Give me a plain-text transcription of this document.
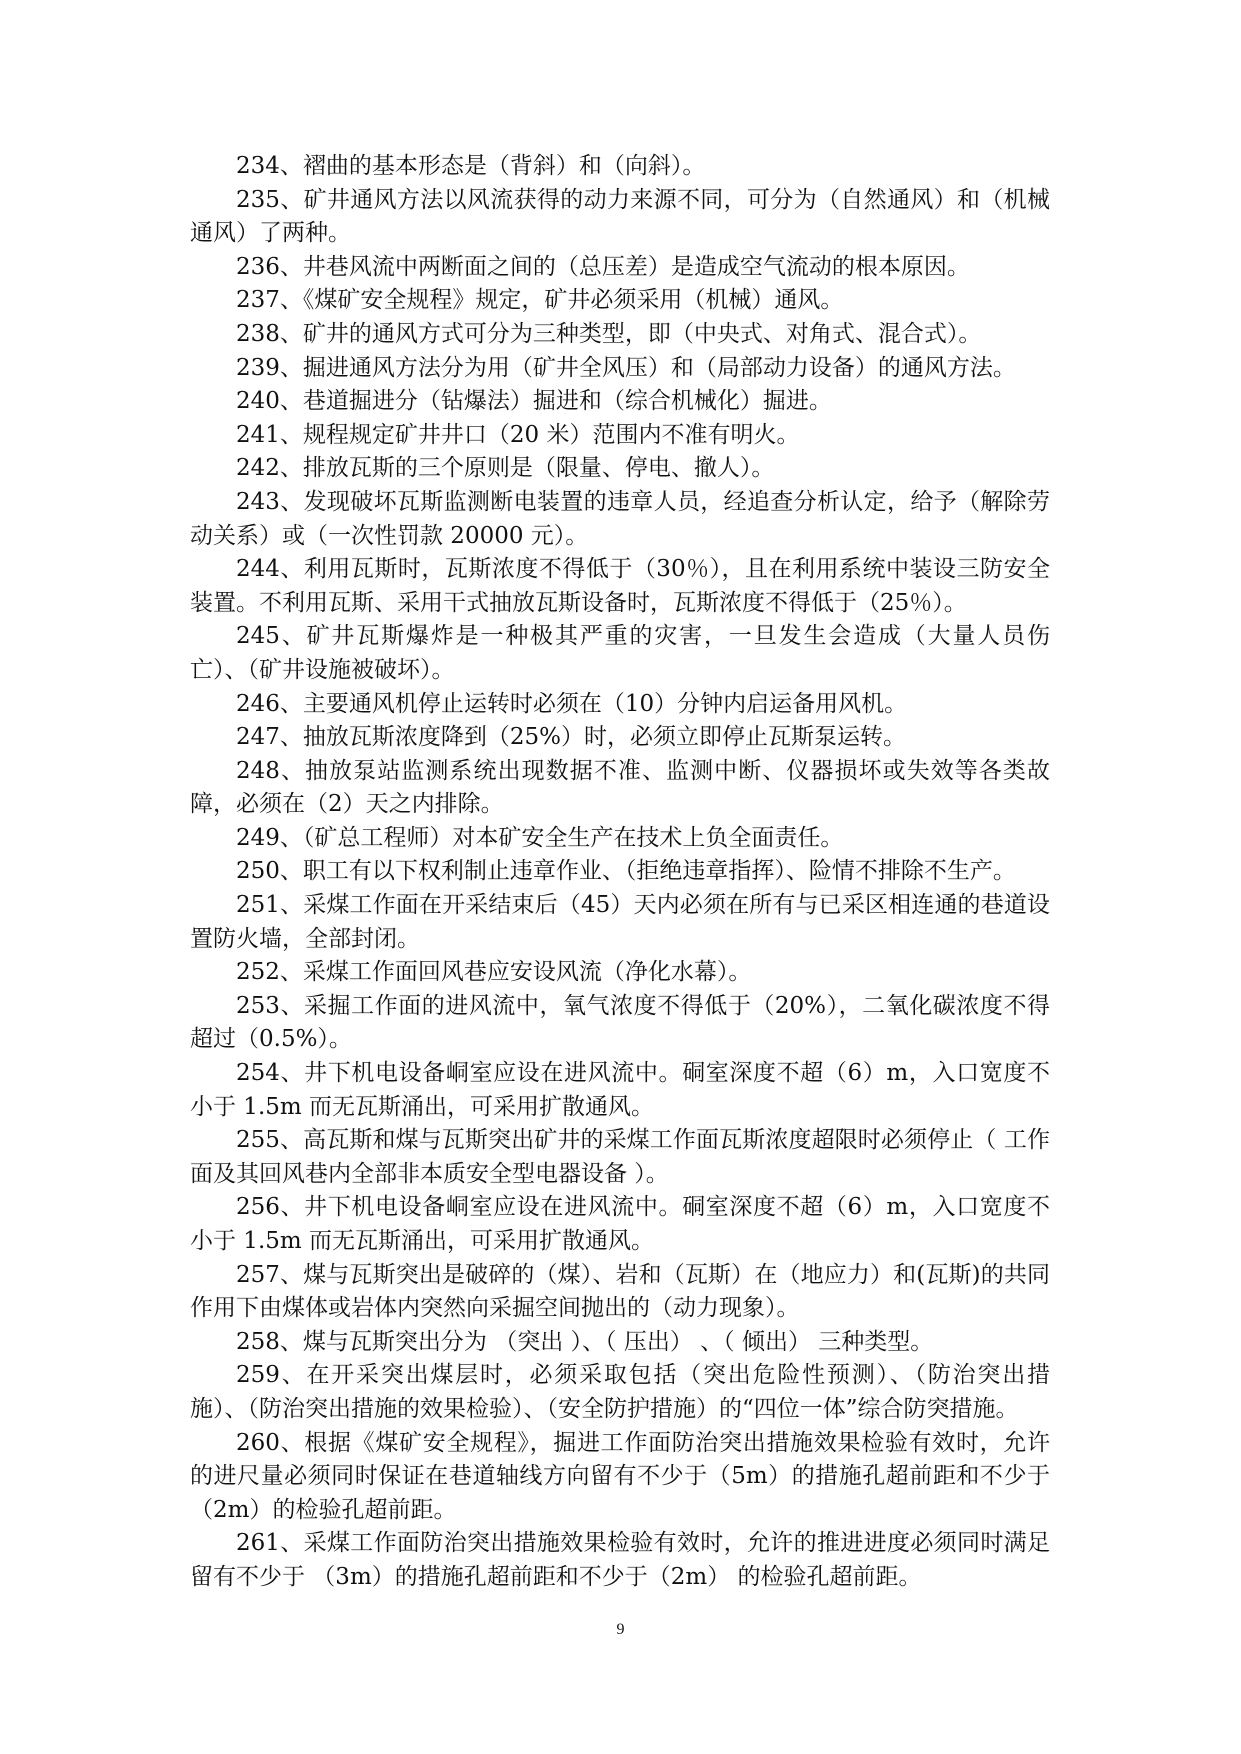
234、褶曲的基本形态是（背斜）和（向斜）。

235、矿井通风方法以风流获得的动力来源不同，可分为（自然通风）和（机械通风）了两种。

236、井巷风流中两断面之间的（总压差）是造成空气流动的根本原因。

237、《煤矿安全规程》规定，矿井必须采用（机械）通风。

238、矿井的通风方式可分为三种类型，即（中央式、对角式、混合式）。

239、掘进通风方法分为用（矿井全风压）和（局部动力设备）的通风方法。

240、巷道掘进分（钻爆法）掘进和（综合机械化）掘进。

241、规程规定矿井井口（20 米）范围内不准有明火。

242、排放瓦斯的三个原则是（限量、停电、撤人）。

243、发现破坏瓦斯监测断电装置的违章人员，经追查分析认定，给予（解除劳动关系）或（一次性罚款 20000 元）。

244、利用瓦斯时，瓦斯浓度不得低于（30％），且在利用系统中装设三防安全装置。不利用瓦斯、采用干式抽放瓦斯设备时，瓦斯浓度不得低于（25％）。

245、矿井瓦斯爆炸是一种极其严重的灾害，一旦发生会造成（大量人员伤亡）、（矿井设施被破坏）。

246、主要通风机停止运转时必须在（10）分钟内启运备用风机。

247、抽放瓦斯浓度降到（25%）时，必须立即停止瓦斯泵运转。

248、抽放泵站监测系统出现数据不准、监测中断、仪器损坏或失效等各类故障，必须在（2）天之内排除。

249、（矿总工程师）对本矿安全生产在技术上负全面责任。

250、职工有以下权利制止违章作业、（拒绝违章指挥）、险情不排除不生产。

251、采煤工作面在开采结束后（45）天内必须在所有与已采区相连通的巷道设置防火墙，全部封闭。

252、采煤工作面回风巷应安设风流（净化水幕）。

253、采掘工作面的进风流中，氧气浓度不得低于（20%），二氧化碳浓度不得超过（0.5%）。

254、井下机电设备峒室应设在进风流中。硐室深度不超（6）m，入口宽度不小于 1.5m 而无瓦斯涌出，可采用扩散通风。

255、高瓦斯和煤与瓦斯突出矿井的采煤工作面瓦斯浓度超限时必须停止（ 工作面及其回风巷内全部非本质安全型电器设备 ）。

256、井下机电设备峒室应设在进风流中。硐室深度不超（6）m，入口宽度不小于 1.5m 而无瓦斯涌出，可采用扩散通风。

257、煤与瓦斯突出是破碎的（煤）、岩和（瓦斯）在（地应力）和(瓦斯)的共同作用下由煤体或岩体内突然向采掘空间抛出的（动力现象）。

258、煤与瓦斯突出分为 （突出 ）、（ 压出） 、（ 倾出） 三种类型。

259、在开采突出煤层时，必须采取包括（突出危险性预测）、（防治突出措施）、（防治突出措施的效果检验）、（安全防护措施）的“四位一体”综合防突措施。

260、根据《煤矿安全规程》，掘进工作面防治突出措施效果检验有效时，允许的进尺量必须同时保证在巷道轴线方向留有不少于（5m）的措施孔超前距和不少于（2m）的检验孔超前距。

261、采煤工作面防治突出措施效果检验有效时，允许的推进进度必须同时满足留有不少于 （3m）的措施孔超前距和不少于（2m） 的检验孔超前距。

9
